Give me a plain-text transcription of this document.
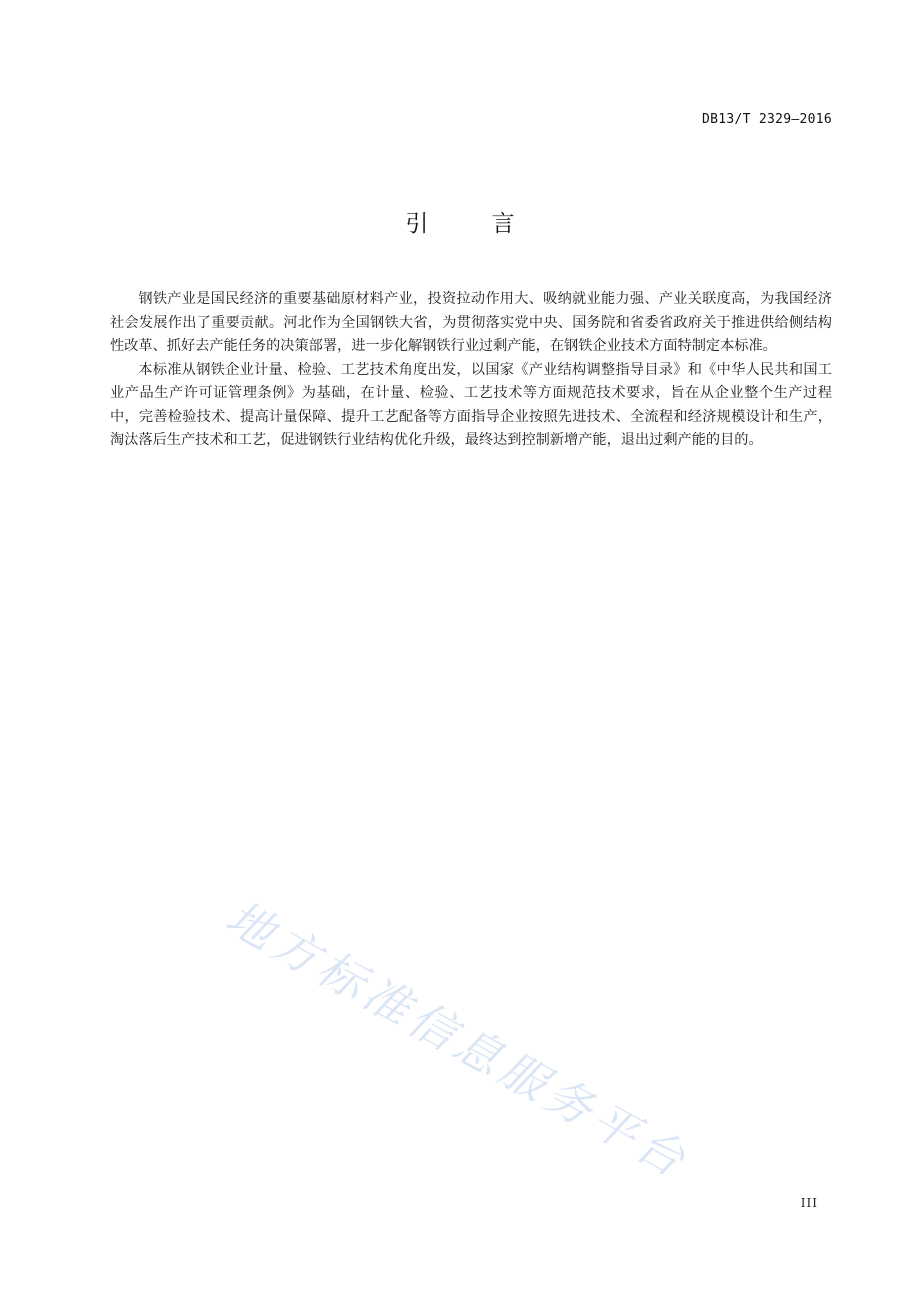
DB13/T 2329—2016
引 言

钢铁产业是国民经济的重要基础原材料产业，投资拉动作用大、吸纳就业能力强、产业关联度高，为我国经济社会发展作出了重要贡献。河北作为全国钢铁大省，为贯彻落实党中央、国务院和省委省政府关于推进供给侧结构性改革、抓好去产能任务的决策部署，进一步化解钢铁行业过剩产能，在钢铁企业技术方面特制定本标准。

本标准从钢铁企业计量、检验、工艺技术角度出发，以国家《产业结构调整指导目录》和《中华人民共和国工业产品生产许可证管理条例》为基础，在计量、检验、工艺技术等方面规范技术要求，旨在从企业整个生产过程中，完善检验技术、提高计量保障、提升工艺配备等方面指导企业按照先进技术、全流程和经济规模设计和生产，淘汰落后生产技术和工艺，促进钢铁行业结构优化升级，最终达到控制新增产能，退出过剩产能的目的。

地方标准信息服务平台
III
